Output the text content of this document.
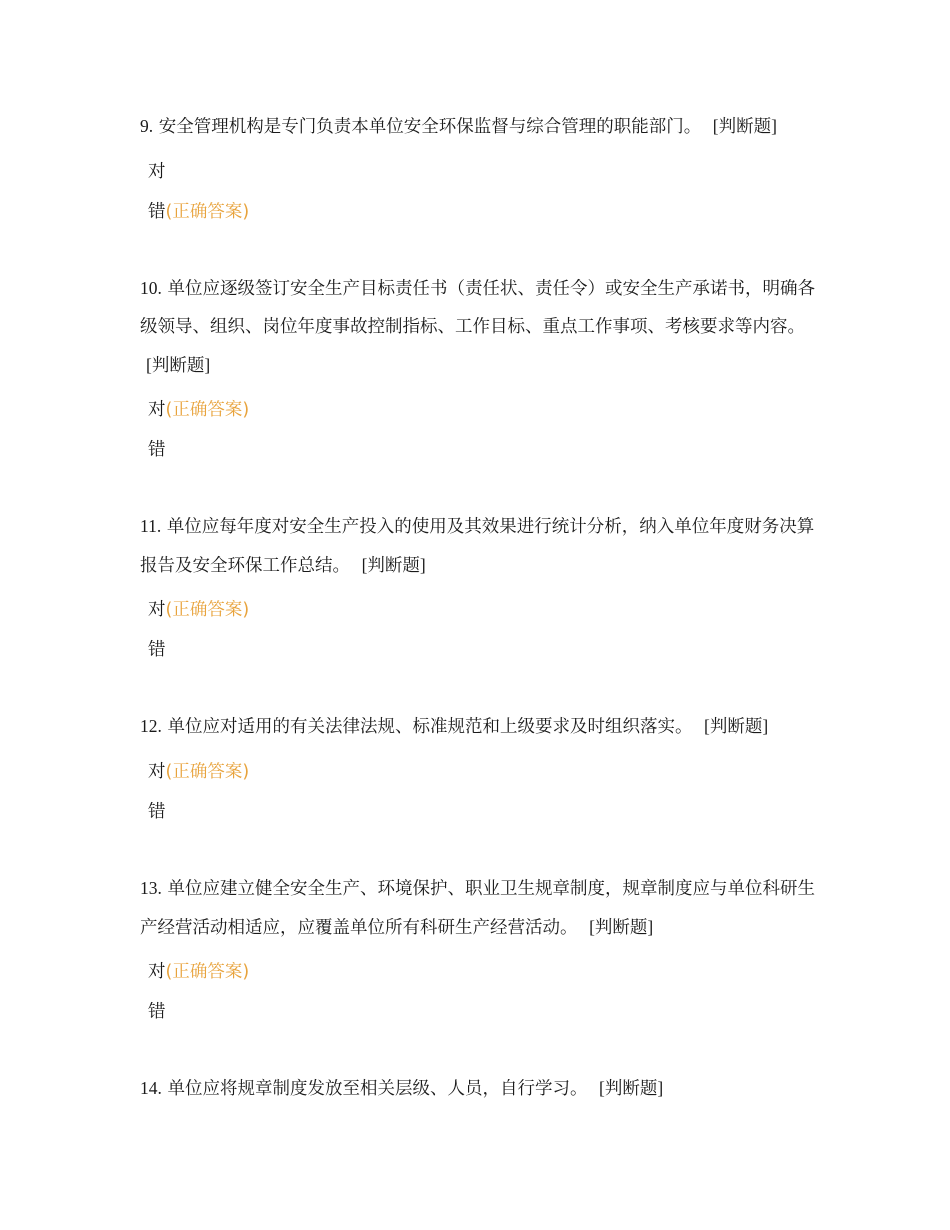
9. 安全管理机构是专门负责本单位安全环保监督与综合管理的职能部门。 [判断题]
对
错(正确答案)
10. 单位应逐级签订安全生产目标责任书（责任状、责任令）或安全生产承诺书，明确各级领导、组织、岗位年度事故控制指标、工作目标、重点工作事项、考核要求等内容。 [判断题]
对(正确答案)
错
11. 单位应每年度对安全生产投入的使用及其效果进行统计分析，纳入单位年度财务决算报告及安全环保工作总结。 [判断题]
对(正确答案)
错
12. 单位应对适用的有关法律法规、标准规范和上级要求及时组织落实。 [判断题]
对(正确答案)
错
13. 单位应建立健全安全生产、环境保护、职业卫生规章制度，规章制度应与单位科研生产经营活动相适应，应覆盖单位所有科研生产经营活动。 [判断题]
对(正确答案)
错
14. 单位应将规章制度发放至相关层级、人员，自行学习。 [判断题]
